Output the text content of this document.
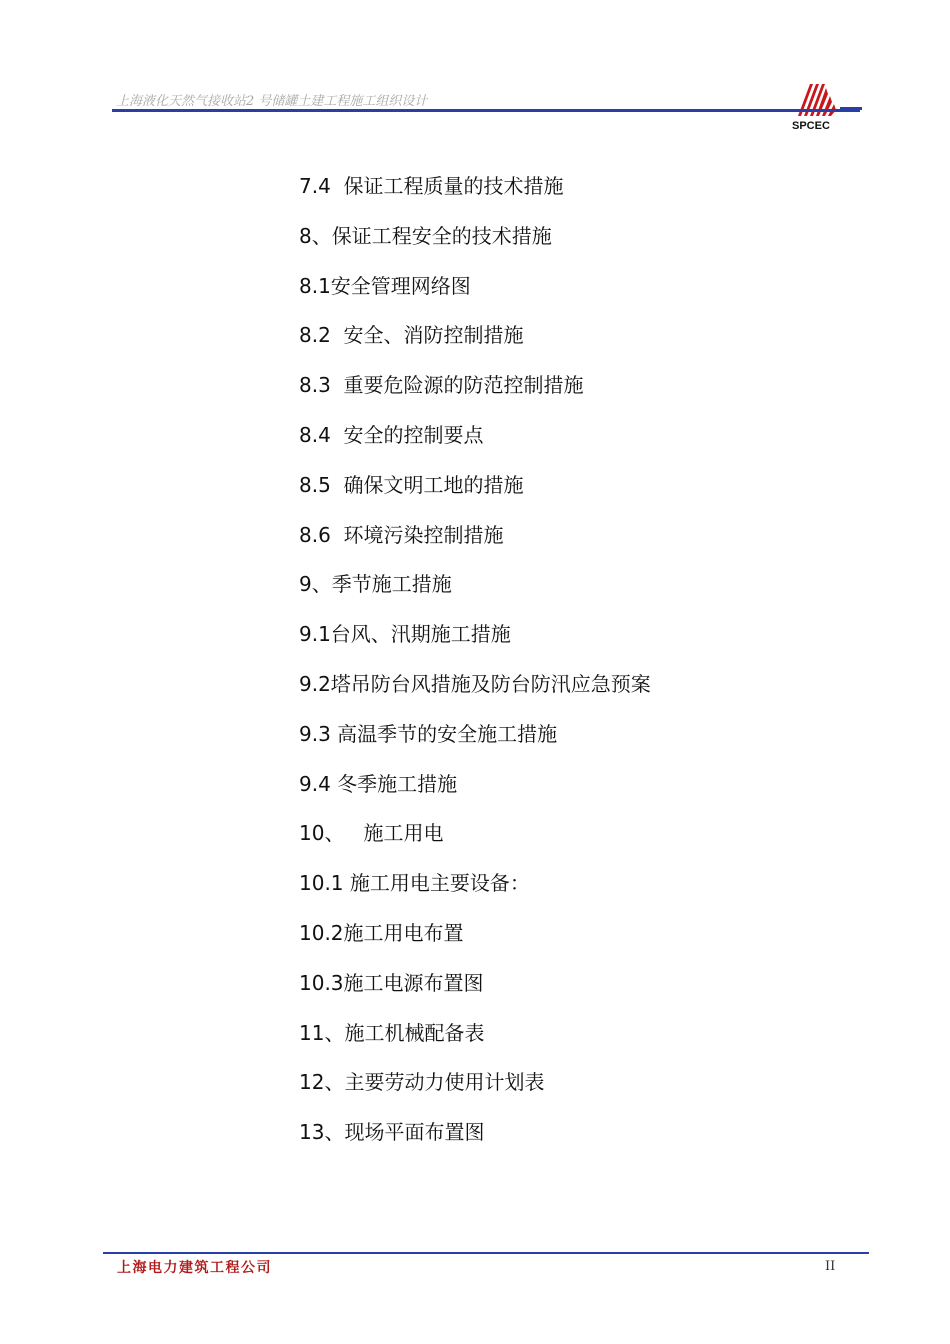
上海液化天然气接收站2 号储罐土建工程施工组织设计
SPCEC
7.4  保证工程质量的技术措施
8、保证工程安全的技术措施
8.1安全管理网络图
8.2  安全、消防控制措施
8.3  重要危险源的防范控制措施
8.4  安全的控制要点
8.5  确保文明工地的措施
8.6  环境污染控制措施
9、季节施工措施
9.1台风、汛期施工措施
9.2塔吊防台风措施及防台防汛应急预案
9.3 高温季节的安全施工措施
9.4 冬季施工措施
10、   施工用电
10.1 施工用电主要设备：
10.2施工用电布置
10.3施工电源布置图
11、施工机械配备表
12、主要劳动力使用计划表
13、现场平面布置图
上海电力建筑工程公司	II
